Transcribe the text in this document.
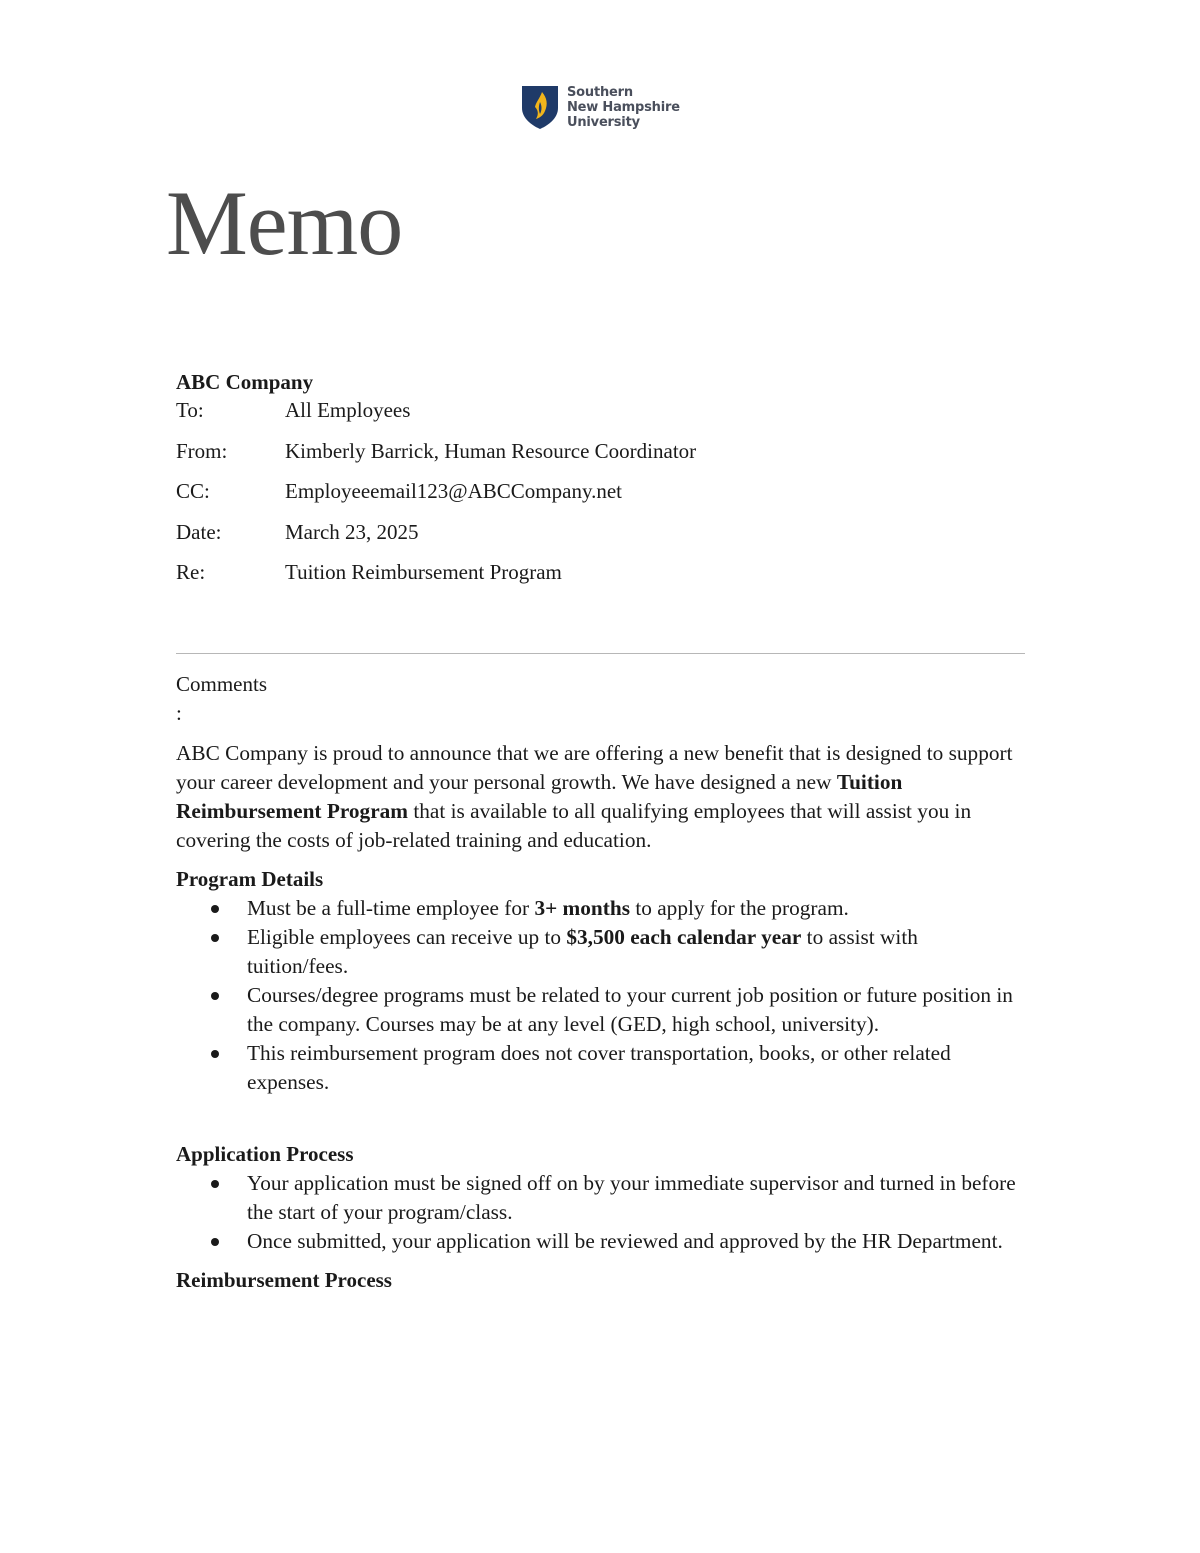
Southern
New Hampshire
University
Memo

ABC Company

To:	All Employees
From:	Kimberly Barrick, Human Resource Coordinator
CC:	Employeeemail123@ABCCompany.net
Date:	March 23, 2025
Re:	Tuition Reimbursement Program
Comments
:

ABC Company is proud to announce that we are offering a new benefit that is designed to support your career development and your personal growth. We have designed a new Tuition Reimbursement Program that is available to all qualifying employees that will assist you in covering the costs of job-related training and education.

Program Details

Must be a full-time employee for 3+ months to apply for the program.
Eligible employees can receive up to $3,500 each calendar year to assist with tuition/fees.
Courses/degree programs must be related to your current job position or future position in the company. Courses may be at any level (GED, high school, university).
This reimbursement program does not cover transportation, books, or other related expenses.

Application Process

Your application must be signed off on by your immediate supervisor and turned in before the start of your program/class.
Once submitted, your application will be reviewed and approved by the HR Department.

Reimbursement Process
